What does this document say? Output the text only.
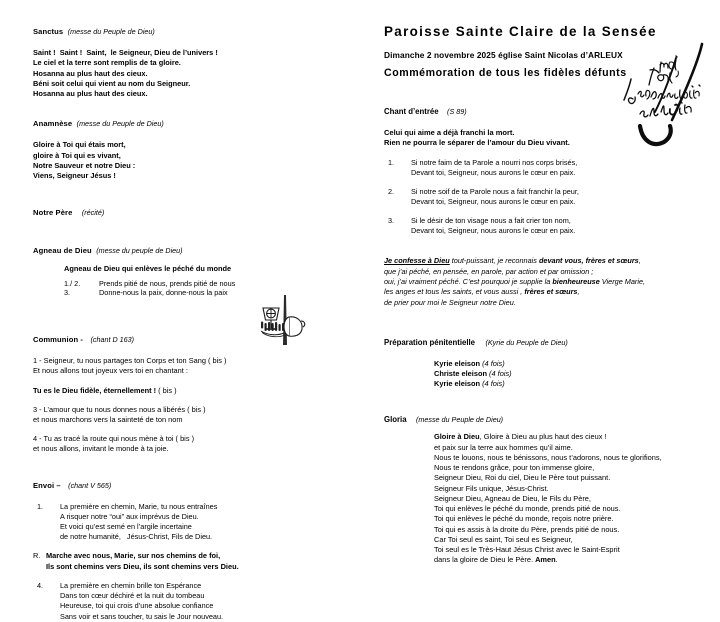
Sanctus (messe du Peuple de Dieu)
Saint !  Saint !  Saint,  le Seigneur, Dieu de l’univers !
Le ciel et la terre sont remplis de ta gloire.
Hosanna au plus haut des cieux.
Béni soit celui qui vient au nom du Seigneur.
Hosanna au plus haut des cieux.
Anamnèse (messe du Peuple de Dieu)
Gloire à Toi qui étais mort,
gloire à Toi qui es vivant,
Notre Sauveur et notre Dieu :
Viens, Seigneur Jésus !
Notre Père (récité)
Agneau de Dieu (messe du peuple de Dieu)
Agneau de Dieu qui enlèves le péché du monde
1./ 2.	Prends pitié de nous, prends pitié de nous
3.	Donne-nous la paix, donne-nous la paix
Communion - (chant D 163)
1 - Seigneur, tu nous partages ton Corps et ton Sang ( bis )
Et nous allons tout joyeux vers toi en chantant :
Tu es le Dieu fidèle, éternellement ! ( bis )
3 - L’amour que tu nous donnes nous a libérés ( bis )
et nous marchons vers la sainteté de ton nom
4 - Tu as tracé la route qui nous mène à toi ( bis )
et nous allons, invitant le monde à ta joie.
Envoi – (chant V 565)
1.	La première en chemin, Marie, tu nous entraînes
A risquer notre “oui” aux imprévus de Dieu.
Et voici qu’est semé en l’argile incertaine
de notre humanité,   Jésus-Christ, Fils de Dieu.
R. Marche avec nous, Marie, sur nos chemins de foi,
Ils sont chemins vers Dieu, ils sont chemins vers Dieu.
4.	La première en chemin brille ton Espérance
Dans ton cœur déchiré et la nuit du tombeau
Heureuse, toi qui crois d’une absolue confiance
Sans voir et sans toucher, tu sais le Jour nouveau.
Paroisse Sainte Claire de la Sensée
Dimanche 2 novembre 2025 église Saint Nicolas d’ARLEUX
Commémoration de tous les fidèles défunts
Chant d’entrée (S 89)
Celui qui aime a déjà franchi la mort.
Rien ne pourra le séparer de l’amour du Dieu vivant.
1.	Si notre faim de ta Parole a nourri nos corps brisés,
Devant toi, Seigneur, nous aurons le cœur en paix.
2.	Si notre soif de ta Parole nous a fait franchir la peur,
Devant toi, Seigneur, nous aurons le cœur en paix.
3.	Si le désir de ton visage nous a fait crier ton nom,
Devant toi, Seigneur, nous aurons le cœur en paix.
Je confesse à Dieu tout-puissant, je reconnais devant vous, frères et sœurs,
que j’ai péché, en pensée, en parole, par action et par omission ;
oui, j’ai vraiment péché. C’est pourquoi je supplie la bienheureuse Vierge Marie,
les anges et tous les saints, et vous aussi , frères et sœurs,
de prier pour moi le Seigneur notre Dieu.
Préparation pénitentielle (Kyrie du Peuple de Dieu)
Kyrie eleison (4 fois)
Christe eleison (4 fois)
Kyrie eleison (4 fois)
Gloria (messe du Peuple de Dieu)
Gloire à Dieu, Gloire à Dieu au plus haut des cieux !
et paix sur la terre aux hommes qu’il aime.
Nous te louons, nous te bénissons, nous t’adorons, nous te glorifions,
Nous te rendons grâce, pour ton immense gloire,
Seigneur Dieu, Roi du ciel, Dieu le Père tout puissant.
Seigneur Fils unique, Jésus-Christ.
Seigneur Dieu, Agneau de Dieu, le Fils du Père,
Toi qui enlèves le péché du monde, prends pitié de nous.
Toi qui enlèves le péché du monde, reçois notre prière.
Toi qui es assis à la droite du Père, prends pitié de nous.
Car Toi seul es saint, Toi seul es Seigneur,
Toi seul es le Très-Haut Jésus Christ avec le Saint-Esprit
dans la gloire de Dieu le Père. Amen.
